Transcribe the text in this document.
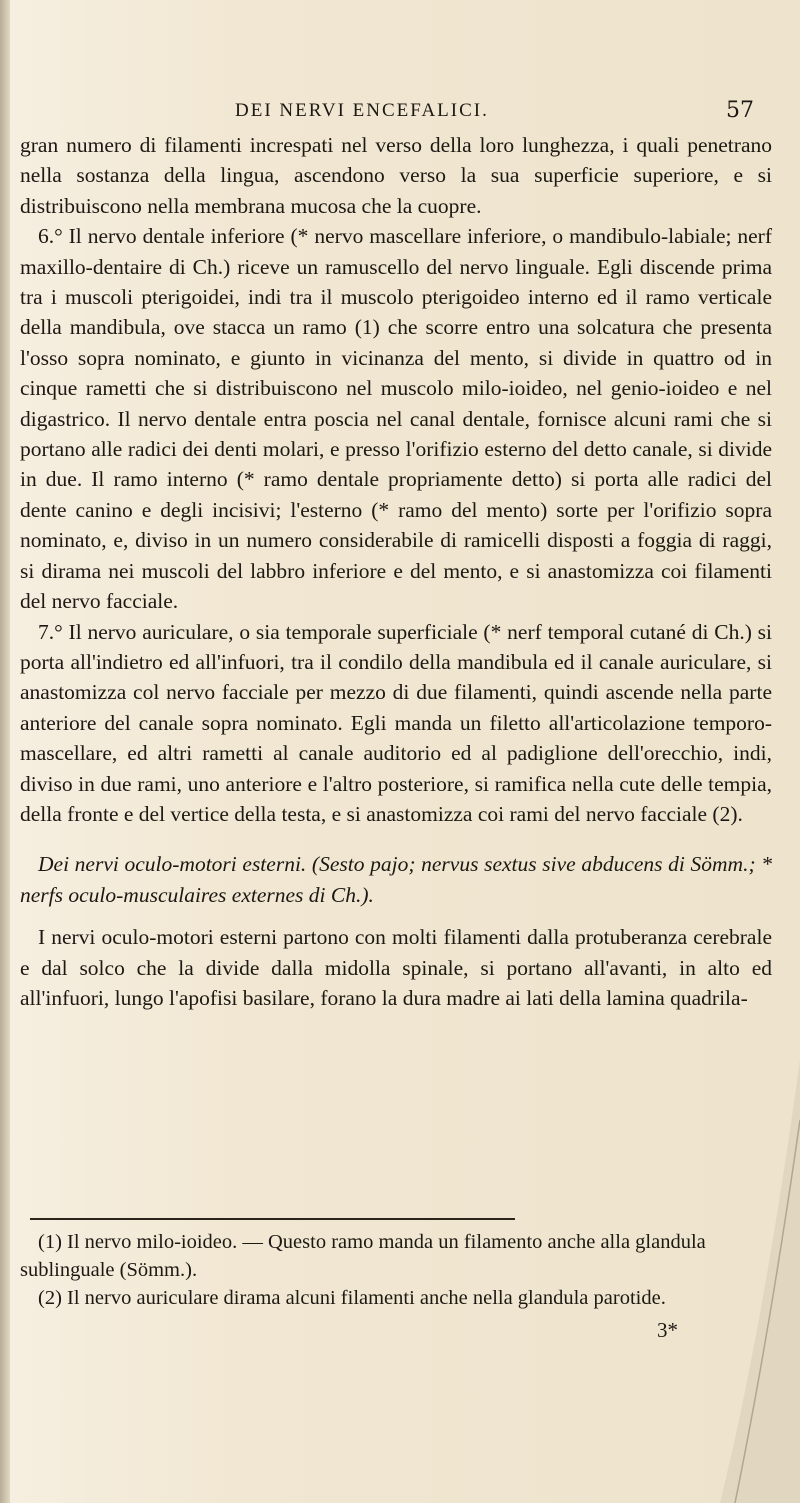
DEI NERVI ENCEFALICI.	57

gran numero di filamenti increspati nel verso della loro lunghezza, i quali penetrano nella sostanza della lingua, ascendono verso la sua superficie superiore, e si distribuiscono nella membrana mucosa che la cuopre.

6.° Il nervo dentale inferiore (* nervo mascellare inferiore, o mandibulo-labiale; nerf maxillo-dentaire di Ch.) riceve un ramuscello del nervo linguale. Egli discende prima tra i muscoli pterigoidei, indi tra il muscolo pterigoideo interno ed il ramo verticale della mandibula, ove stacca un ramo (1) che scorre entro una solcatura che presenta l'osso sopra nominato, e giunto in vicinanza del mento, si divide in quattro od in cinque rametti che si distribuiscono nel muscolo milo-ioideo, nel genio-ioideo e nel digastrico. Il nervo dentale entra poscia nel canal dentale, fornisce alcuni rami che si portano alle radici dei denti molari, e presso l'orifizio esterno del detto canale, si divide in due. Il ramo interno (* ramo dentale propriamente detto) si porta alle radici del dente canino e degli incisivi; l'esterno (* ramo del mento) sorte per l'orifizio sopra nominato, e, diviso in un numero considerabile di ramicelli disposti a foggia di raggi, si dirama nei muscoli del labbro inferiore e del mento, e si anastomizza coi filamenti del nervo facciale.

7.° Il nervo auriculare, o sia temporale superficiale (* nerf temporal cutané di Ch.) si porta all'indietro ed all'infuori, tra il condilo della mandibula ed il canale auriculare, si anastomizza col nervo facciale per mezzo di due filamenti, quindi ascende nella parte anteriore del canale sopra nominato. Egli manda un filetto all'articolazione temporo-mascellare, ed altri rametti al canale auditorio ed al padiglione dell'orecchio, indi, diviso in due rami, uno anteriore e l'altro posteriore, si ramifica nella cute delle tempia, della fronte e del vertice della testa, e si anastomizza coi rami del nervo facciale (2).

Dei nervi oculo-motori esterni. (Sesto pajo; nervus sextus sive abducens di Sömm.; * nerfs oculo-musculaires externes di Ch.).

I nervi oculo-motori esterni partono con molti filamenti dalla protuberanza cerebrale e dal solco che la divide dalla midolla spinale, si portano all'avanti, in alto ed all'infuori, lungo l'apofisi basilare, forano la dura madre ai lati della lamina quadrila-

(1) Il nervo milo-ioideo. — Questo ramo manda un filamento anche alla glandula sublinguale (Sömm.).

(2) Il nervo auriculare dirama alcuni filamenti anche nella glandula parotide.

3*
